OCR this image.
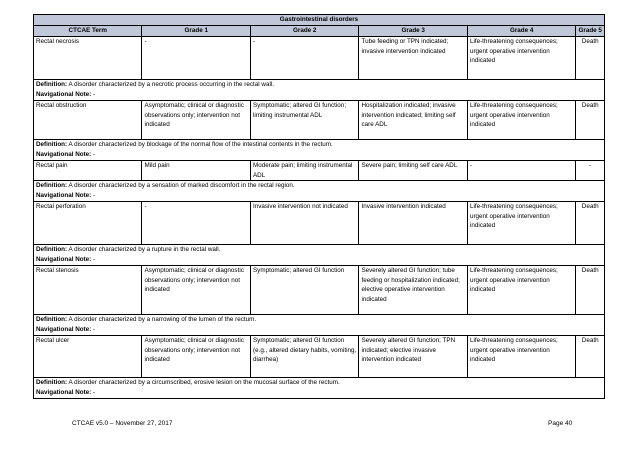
Gastrointestinal disorders					
CTCAE Term	Grade 1	Grade 2	Grade 3	Grade 4	Grade 5
Rectal necrosis	-	-	Tube feeding or TPN indicated; invasive intervention indicated	Life-threatening consequences; urgent operative intervention indicated	Death
Definition: A disorder characterized by a necrotic process occurring in the rectal wall.					
Navigational Note: -					
Rectal obstruction	Asymptomatic; clinical or diagnostic observations only; intervention not indicated	Symptomatic; altered GI function; limiting instrumental ADL	Hospitalization indicated; invasive intervention indicated; limiting self care ADL	Life-threatening consequences; urgent operative intervention indicated	Death
Definition: A disorder characterized by blockage of the normal flow of the intestinal contents in the rectum.					
Navigational Note: -					
Rectal pain	Mild pain	Moderate pain; limiting instrumental ADL	Severe pain; limiting self care ADL	-	-
Definition: A disorder characterized by a sensation of marked discomfort in the rectal region.					
Navigational Note: -					
Rectal perforation	-	Invasive intervention not indicated	Invasive intervention indicated	Life-threatening consequences; urgent operative intervention indicated	Death
Definition: A disorder characterized by a rupture in the rectal wall.					
Navigational Note: -					
Rectal stenosis	Asymptomatic; clinical or diagnostic observations only; intervention not indicated	Symptomatic; altered GI function	Severely altered GI function; tube feeding or hospitalization indicated; elective operative intervention indicated	Life-threatening consequences; urgent operative intervention indicated	Death
Definition: A disorder characterized by a narrowing of the lumen of the rectum.					
Navigational Note: -					
Rectal ulcer	Asymptomatic; clinical or diagnostic observations only; intervention not indicated	Symptomatic; altered GI function (e.g., altered dietary habits, vomiting, diarrhea)	Severely altered GI function; TPN indicated; elective invasive intervention indicated	Life-threatening consequences; urgent operative intervention indicated	Death
Definition: A disorder characterized by a circumscribed, erosive lesion on the mucosal surface of the rectum.					
Navigational Note: -					
CTCAE v5.0 – November 27, 2017	Page 40
